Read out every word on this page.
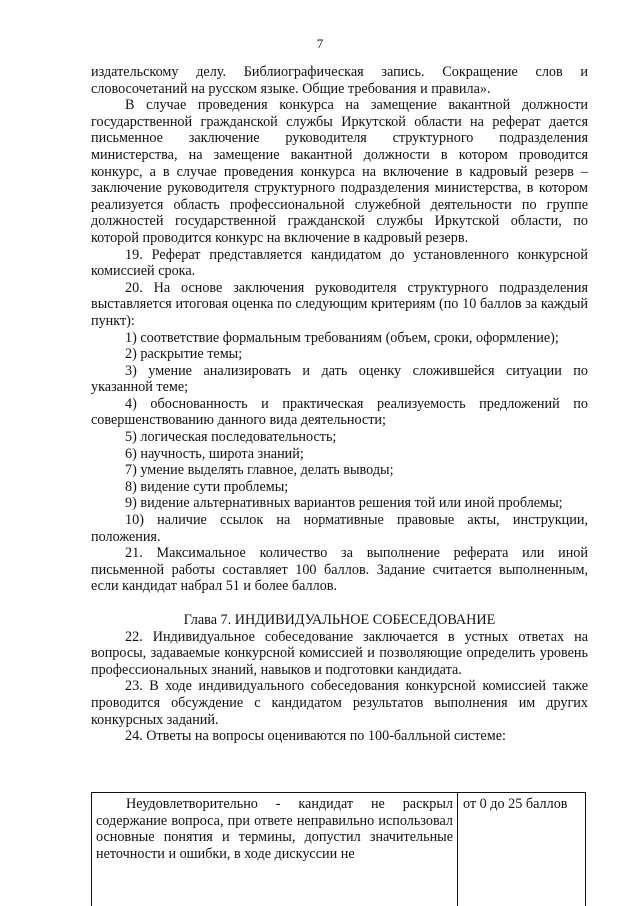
7

издательскому делу. Библиографическая запись. Сокращение слов и словосочетаний на русском языке. Общие требования и правила».

В случае проведения конкурса на замещение вакантной должности государственной гражданской службы Иркутской области на реферат дается письменное заключение руководителя структурного подразделения министерства, на замещение вакантной должности в котором проводится конкурс, а в случае проведения конкурса на включение в кадровый резерв – заключение руководителя структурного подразделения министерства, в котором реализуется область профессиональной служебной деятельности по группе должностей государственной гражданской службы Иркутской области, по которой проводится конкурс на включение в кадровый резерв.

19. Реферат представляется кандидатом до установленного конкурсной комиссией срока.

20. На основе заключения руководителя структурного подразделения выставляется итоговая оценка по следующим критериям (по 10 баллов за каждый пункт):

1) соответствие формальным требованиям (объем, сроки, оформление);

2) раскрытие темы;

3) умение анализировать и дать оценку сложившейся ситуации по указанной теме;

4) обоснованность и практическая реализуемость предложений по совершенствованию данного вида деятельности;

5) логическая последовательность;

6) научность, широта знаний;

7) умение выделять главное, делать выводы;

8) видение сути проблемы;

9) видение альтернативных вариантов решения той или иной проблемы;

10) наличие ссылок на нормативные правовые акты, инструкции, положения.

21. Максимальное количество за выполнение реферата или иной письменной работы составляет 100 баллов. Задание считается выполненным, если кандидат набрал 51 и более баллов.

Глава 7. ИНДИВИДУАЛЬНОЕ СОБЕСЕДОВАНИЕ

22. Индивидуальное собеседование заключается в устных ответах на вопросы, задаваемые конкурсной комиссией и позволяющие определить уровень профессиональных знаний, навыков и подготовки кандидата.

23. В ходе индивидуального собеседования конкурсной комиссией также проводится обсуждение с кандидатом результатов выполнения им других конкурсных заданий.

24. Ответы на вопросы оцениваются по 100-балльной системе:

Неудовлетворительно - кандидат не раскрыл содержание вопроса, при ответе неправильно использовал основные понятия и термины, допустил значительные неточности и ошибки, в ходе дискуссии не

от 0 до 25 баллов
